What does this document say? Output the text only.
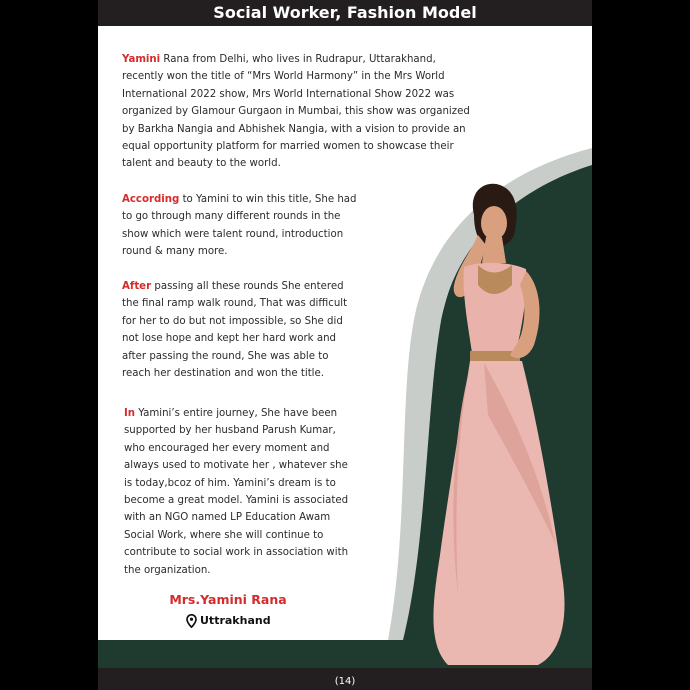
Social Worker, Fashion Model
Yamini Rana from Delhi, who lives in Rudrapur, Uttarakhand, recently won the title of “Mrs World Harmony” in the Mrs World International 2022 show, Mrs World International Show 2022 was organized by Glamour Gurgaon in Mumbai, this show was organized by Barkha Nangia and Abhishek Nangia, with a vision to provide an equal opportunity platform for married women to showcase their talent and beauty to the world.
According to Yamini to win this title, She had to go through many different rounds in the show which were talent round, introduction round & many more.
After passing all these rounds She entered the final ramp walk round, That was difficult for her to do but not impossible, so She did not lose hope and kept her hard work and after passing the round, She was able to reach her destination and won the title.
In Yamini’s entire journey, She have been supported by her husband Parush Kumar, who encouraged her every moment and always used to motivate her , whatever she is today,bcoz of him. Yamini’s dream is to become a great model. Yamini is associated with an NGO named LP Education Awam Social Work, where she will continue to contribute to social work in association with the organization.
Mrs.Yamini Rana
Uttrakhand
(14)
